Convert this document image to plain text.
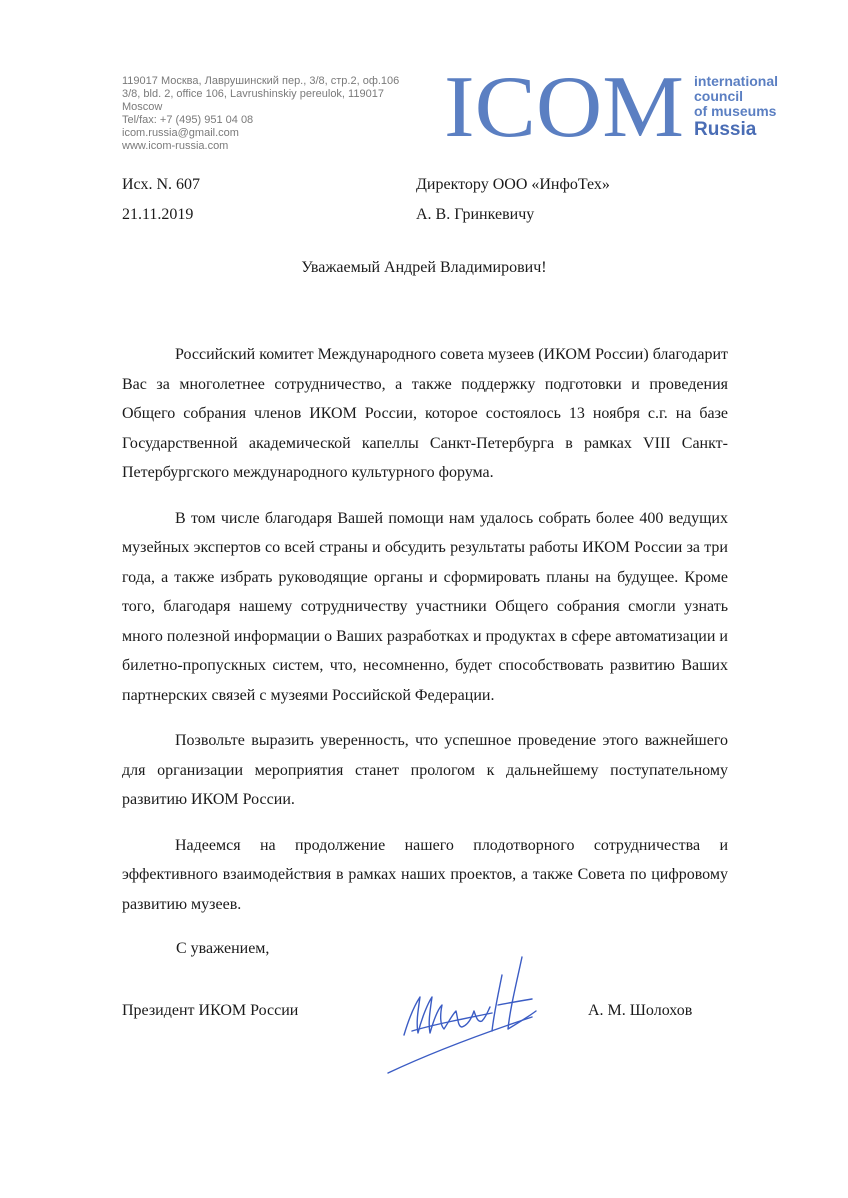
119017 Москва, Лаврушинский пер., 3/8, стр.2, оф.106
3/8, bld. 2, office 106, Lavrushinskiy pereulok, 119017
Moscow
Tel/fax: +7 (495) 951 04 08
icom.russia@gmail.com
www.icom-russia.com	ICOM international
council
of museums
Russia
Исх. N. 607
21.11.2019
Директору ООО «ИнфоТех»
А. В. Гринкевичу
Уважаемый Андрей Владимирович!

Российский комитет Международного совета музеев (ИКОМ России) благодарит Вас за многолетнее сотрудничество, а также поддержку подготовки и проведения Общего собрания членов ИКОМ России, которое состоялось 13 ноября с.г. на базе Государственной академической капеллы Санкт-Петербурга в рамках VIII Санкт-Петербургского международного культурного форума.

В том числе благодаря Вашей помощи нам удалось собрать более 400 ведущих музейных экспертов со всей страны и обсудить результаты работы ИКОМ России за три года, а также избрать руководящие органы и сформировать планы на будущее. Кроме того, благодаря нашему сотрудничеству участники Общего собрания смогли узнать много полезной информации о Ваших разработках и продуктах в сфере автоматизации и билетно-пропускных систем, что, несомненно, будет способствовать развитию Ваших партнерских связей с музеями Российской Федерации.

Позвольте выразить уверенность, что успешное проведение этого важнейшего для организации мероприятия станет прологом к дальнейшему поступательному развитию ИКОМ России.

Надеемся на продолжение нашего плодотворного сотрудничества и эффективного взаимодействия в рамках наших проектов, а также Совета по цифровому развитию музеев.

С уважением,
Президент ИКОМ России	А. М. Шолохов
